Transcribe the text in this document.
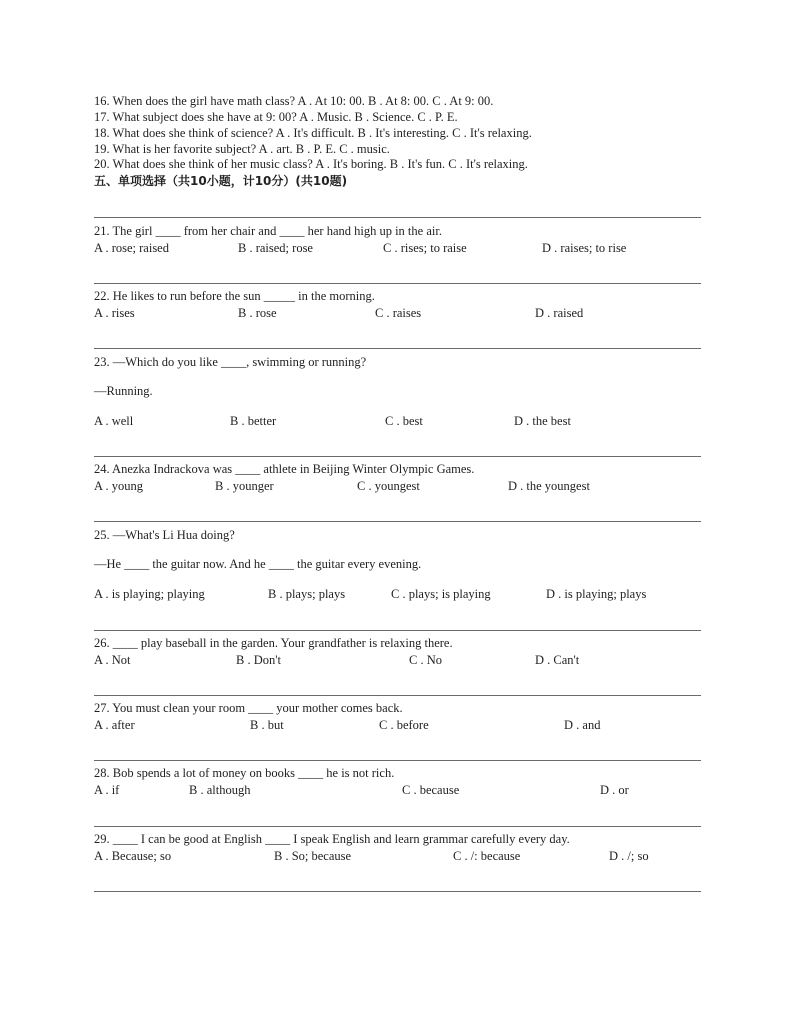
16. When does the girl have math class? A . At 10: 00. B . At 8: 00. C . At 9: 00.
17. What subject does she have at 9: 00? A . Music. B . Science. C . P. E.
18. What does she think of science? A . It's difficult. B . It's interesting. C . It's relaxing.
19. What is her favorite subject? A . art. B . P. E. C . music.
20. What does she think of her music class? A . It's boring. B . It's fun. C . It's relaxing.
五、单项选择（共10小题，计10分）(共10题)
21. The girl ____ from her chair and ____ her hand high up in the air.
A . rose; raised	B . raised; rose	C . rises; to raise	D . raises; to rise
22. He likes to run before the sun _____ in the morning.
A . rises	B . rose	C . raises	D . raised
23. —Which do you like ____, swimming or running?
—Running.
A . well	B . better	C . best	D . the best
24. Anezka Indrackova was ____ athlete in Beijing Winter Olympic Games.
A . young	B . younger	C . youngest	D . the youngest
25. —What's Li Hua doing?
—He ____ the guitar now. And he ____ the guitar every evening.
A . is playing; playing	B . plays; plays	C . plays; is playing	D . is playing; plays
26. ____ play baseball in the garden. Your grandfather is relaxing there.
A . Not	B . Don't	C . No	D . Can't
27. You must clean your room ____ your mother comes back.
A . after	B . but	C . before	D . and
28. Bob spends a lot of money on books ____ he is not rich.
A . if	B . although	C . because	D . or
29. ____ I can be good at English ____ I speak English and learn grammar carefully every day.
A . Because; so	B . So; because	C . /: because	D . /; so
